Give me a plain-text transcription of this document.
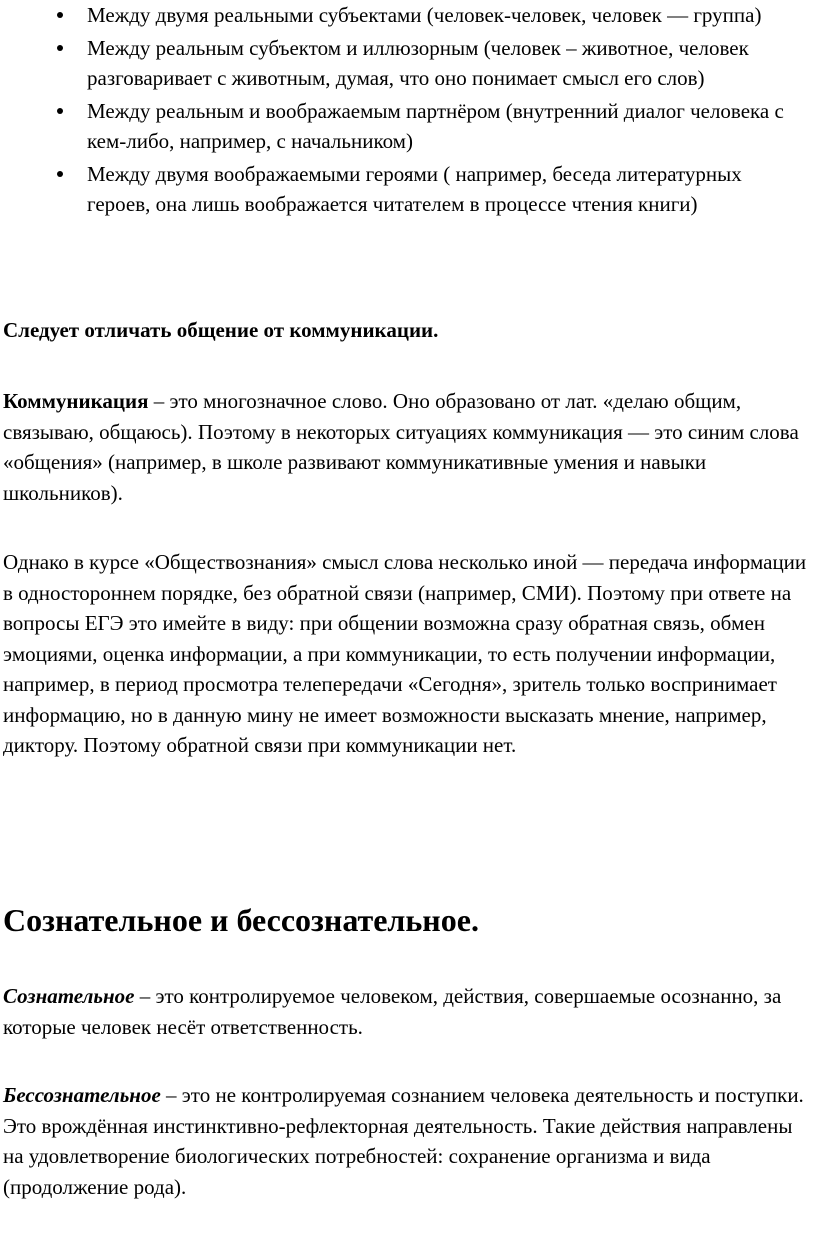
Между двумя реальными субъектами (человек-человек, человек — группа)
Между реальным субъектом и иллюзорным (человек – животное, человек разговаривает с животным, думая, что оно понимает смысл его слов)
Между реальным и воображаемым партнёром (внутренний диалог человека с кем-либо, например, с начальником)
Между двумя воображаемыми героями ( например, беседа литературных героев, она лишь воображается читателем в процессе чтения книги)

Следует отличать общение от коммуникации.

Коммуникация – это многозначное слово. Оно образовано от лат. «делаю общим, связываю, общаюсь). Поэтому в некоторых ситуациях коммуникация — это синим слова «общения» (например, в школе развивают коммуникативные умения и навыки школьников).

Однако в курсе «Обществознания» смысл слова несколько иной — передача информации в одностороннем порядке, без обратной связи (например, СМИ). Поэтому при ответе на вопросы ЕГЭ это имейте в виду: при общении возможна сразу обратная связь, обмен эмоциями, оценка информации, а при коммуникации, то есть получении информации, например, в период просмотра телепередачи «Сегодня», зритель только воспринимает информацию, но в данную мину не имеет возможности высказать мнение, например, диктору. Поэтому обратной связи при коммуникации нет.

Сознательное и бессознательное.

Сознательное – это контролируемое человеком, действия, совершаемые осознанно, за которые человек несёт ответственность.

Бессознательное – это не контролируемая сознанием человека деятельность и поступки. Это врождённая инстинктивно-рефлекторная деятельность. Такие действия направлены на удовлетворение биологических потребностей: сохранение организма и вида (продолжение рода).
